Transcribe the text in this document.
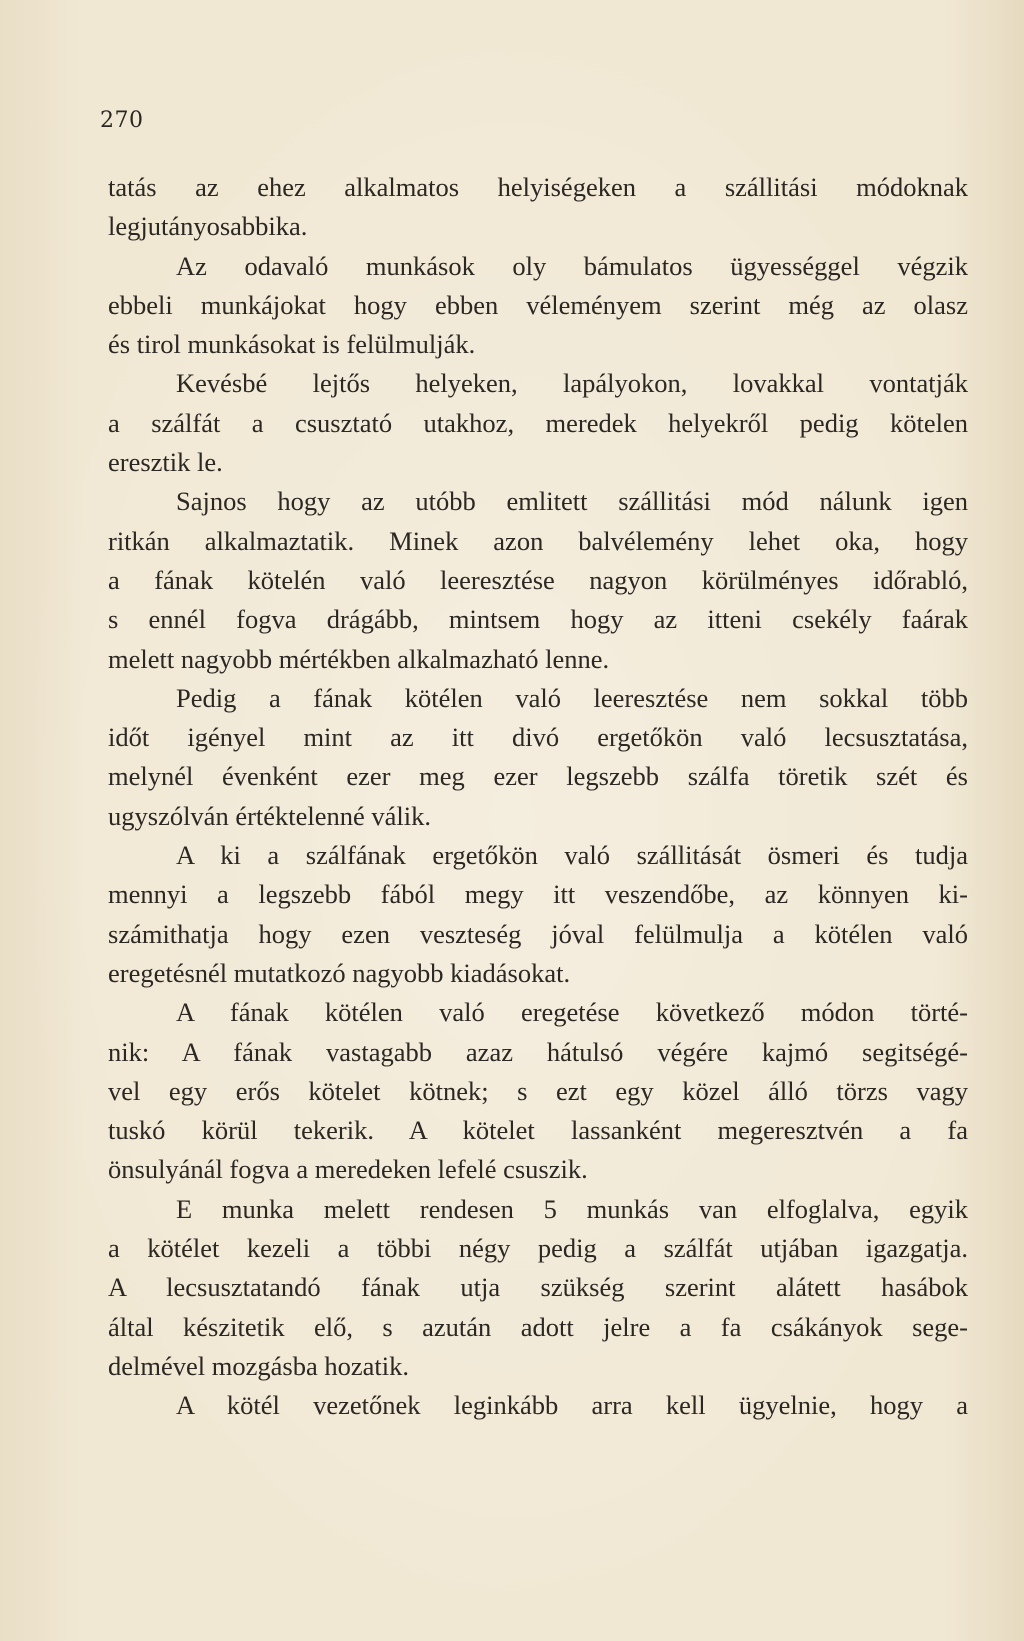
270
tatás az ehez alkalmatos helyiségeken a szállitási módoknak
legjutányosabbika.
Az odavaló munkások oly bámulatos ügyességgel végzik
ebbeli munkájokat hogy ebben véleményem szerint még az olasz
és tirol munkásokat is felülmulják.
Kevésbé lejtős helyeken, lapályokon, lovakkal vontatják
a szálfát a csusztató utakhoz, meredek helyekről pedig kötelen
eresztik le.
Sajnos hogy az utóbb emlitett szállitási mód nálunk igen
ritkán alkalmaztatik. Minek azon balvélemény lehet oka, hogy
a fának kötelén való leeresztése nagyon körülményes időrabló,
s ennél fogva drágább, mintsem hogy az itteni csekély faárak
melett nagyobb mértékben alkalmazható lenne.
Pedig a fának kötélen való leeresztése nem sokkal több
időt igényel mint az itt divó ergetőkön való lecsusztatása,
melynél évenként ezer meg ezer legszebb szálfa töretik szét és
ugyszólván értéktelenné válik.
A ki a szálfának ergetőkön való szállitását ösmeri és tudja
mennyi a legszebb fából megy itt veszendőbe, az könnyen ki-
számithatja hogy ezen veszteség jóval felülmulja a kötélen való
eregetésnél mutatkozó nagyobb kiadásokat.
A fának kötélen való eregetése következő módon törté-
nik: A fának vastagabb azaz hátulsó végére kajmó segitségé-
vel egy erős kötelet kötnek; s ezt egy közel álló törzs vagy
tuskó körül tekerik. A kötelet lassanként megeresztvén a fa
önsulyánál fogva a meredeken lefelé csuszik.
E munka melett rendesen 5 munkás van elfoglalva, egyik
a kötélet kezeli a többi négy pedig a szálfát utjában igazgatja.
A lecsusztatandó fának utja szükség szerint alátett hasábok
által készitetik elő, s azután adott jelre a fa csákányok sege-
delmével mozgásba hozatik.
A kötél vezetőnek leginkább arra kell ügyelnie, hogy a
